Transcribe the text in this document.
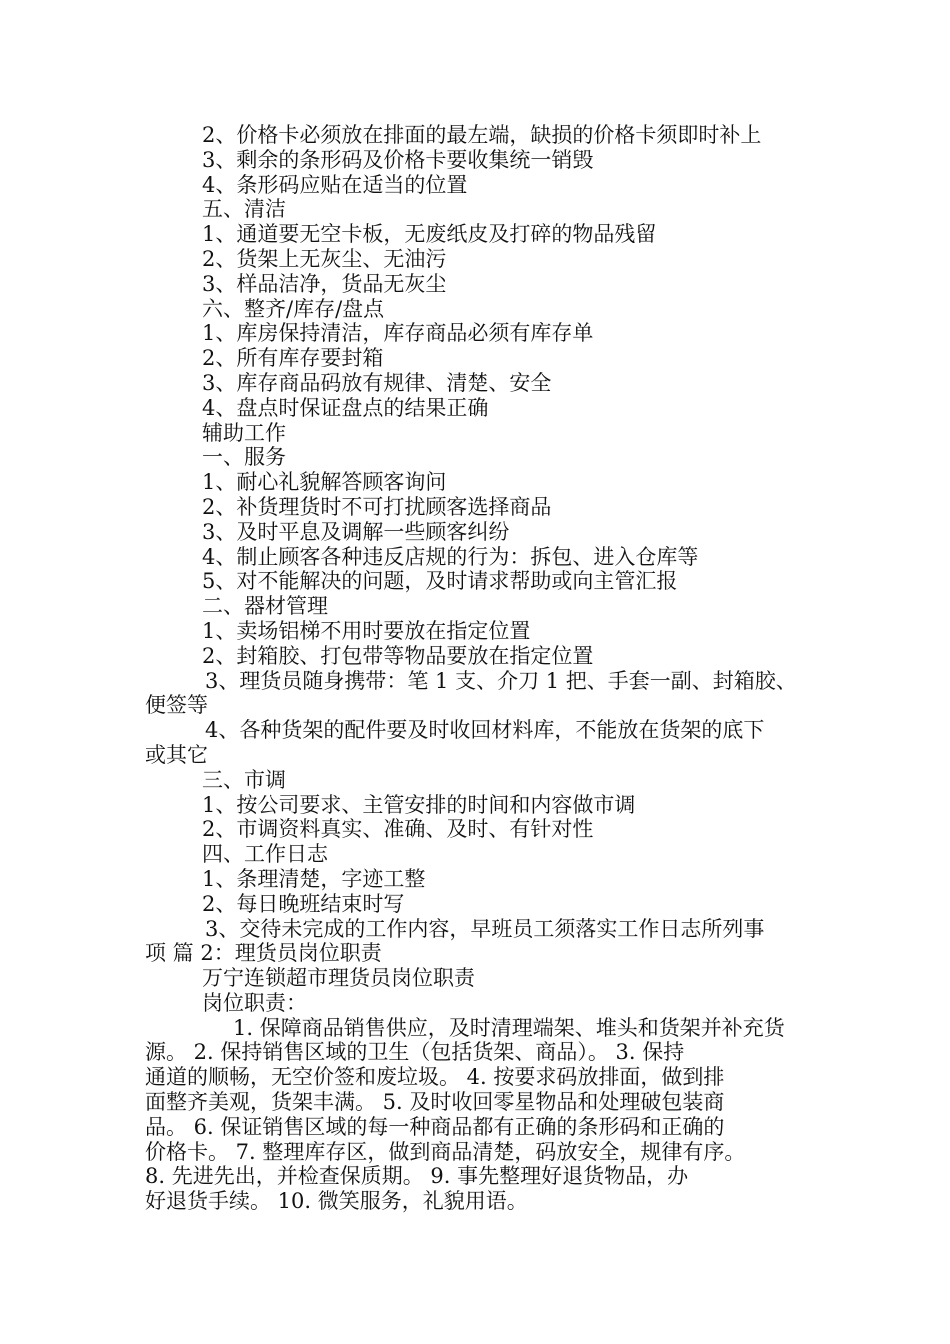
2、价格卡必须放在排面的最左端，缺损的价格卡须即时补上
3、剩余的条形码及价格卡要收集统一销毁
4、条形码应贴在适当的位置
五、清洁
1、通道要无空卡板，无废纸皮及打碎的物品残留
2、货架上无灰尘、无油污
3、样品洁净，货品无灰尘
六、整齐/库存/盘点
1、库房保持清洁，库存商品必须有库存单
2、所有库存要封箱
3、库存商品码放有规律、清楚、安全
4、盘点时保证盘点的结果正确
辅助工作
一、服务
1、耐心礼貌解答顾客询问
2、补货理货时不可打扰顾客选择商品
3、及时平息及调解一些顾客纠纷
4、制止顾客各种违反店规的行为：拆包、进入仓库等
5、对不能解决的问题，及时请求帮助或向主管汇报
二、器材管理
1、卖场铝梯不用时要放在指定位置
2、封箱胶、打包带等物品要放在指定位置
3、理货员随身携带：笔 1 支、介刀 1 把、手套一副、封箱胶、
便签等
4、各种货架的配件要及时收回材料库，不能放在货架的底下
或其它
三、市调
1、按公司要求、主管安排的时间和内容做市调
2、市调资料真实、准确、及时、有针对性
四、工作日志
1、条理清楚，字迹工整
2、每日晚班结束时写
3、交待未完成的工作内容，早班员工须落实工作日志所列事
项 篇 2：理货员岗位职责
万宁连锁超市理货员岗位职责
岗位职责：
1. 保障商品销售供应，及时清理端架、堆头和货架并补充货
源。 2. 保持销售区域的卫生（包括货架、商品）。 3. 保持
通道的顺畅，无空价签和废垃圾。 4. 按要求码放排面，做到排
面整齐美观，货架丰满。 5. 及时收回零星物品和处理破包装商
品。 6. 保证销售区域的每一种商品都有正确的条形码和正确的
价格卡。 7. 整理库存区，做到商品清楚，码放安全，规律有序。
8. 先进先出，并检查保质期。 9. 事先整理好退货物品，办
好退货手续。 10. 微笑服务，礼貌用语。
